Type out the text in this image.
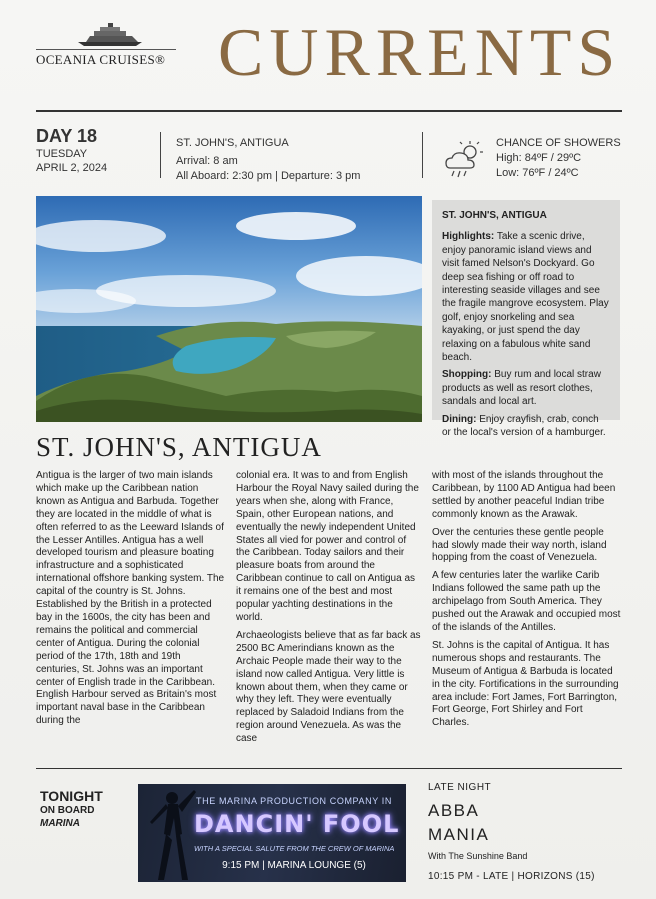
OCEANIA CRUISES® CURRENTS
DAY 18
TUESDAY
APRIL 2, 2024
ST. JOHN'S, ANTIGUA
Arrival: 8 am
All Aboard: 2:30 pm | Departure: 3 pm
CHANCE OF SHOWERS
High: 84ºF / 29ºC
Low: 76ºF / 24ºC
ST. JOHN'S, ANTIGUA

Highlights: Take a scenic drive, enjoy panoramic island views and visit famed Nelson's Dockyard. Go deep sea fishing or off road to interesting seaside villages and see the fragile mangrove ecosystem. Play golf, enjoy snorkeling and sea kayaking, or just spend the day relaxing on a fabulous white sand beach.

Shopping: Buy rum and local straw products as well as resort clothes, sandals and local art.

Dining: Enjoy crayfish, crab, conch or the local's version of a hamburger.

ST. JOHN'S, ANTIGUA

Antigua is the larger of two main islands which make up the Caribbean nation known as Antigua and Barbuda. Together they are located in the middle of what is often referred to as the Leeward Islands of the Lesser Antilles. Antigua has a well developed tourism and pleasure boating infrastructure and a sophisticated international offshore banking system. The capital of the country is St. Johns. Established by the British in a protected bay in the 1600s, the city has been and remains the political and commercial center of Antigua. During the colonial period of the 17th, 18th and 19th centuries, St. Johns was an important center of English trade in the Caribbean. English Harbour served as Britain's most important naval base in the Caribbean during the

colonial era. It was to and from English Harbour the Royal Navy sailed during the years when she, along with France, Spain, other European nations, and eventually the newly independent United States all vied for power and control of the Caribbean. Today sailors and their pleasure boats from around the Caribbean continue to call on Antigua as it remains one of the best and most popular yachting destinations in the world.

Archaeologists believe that as far back as 2500 BC Amerindians known as the Archaic People made their way to the island now called Antigua. Very little is known about them, when they came or why they left. They were eventually replaced by Saladoid Indians from the region around Venezuela. As was the case

with most of the islands throughout the Caribbean, by 1100 AD Antigua had been settled by another peaceful Indian tribe commonly known as the Arawak.

Over the centuries these gentle people had slowly made their way north, island hopping from the coast of Venezuela.

A few centuries later the warlike Carib Indians followed the same path up the archipelago from South America. They pushed out the Arawak and occupied most of the islands of the Antilles.

St. Johns is the capital of Antigua. It has numerous shops and restaurants. The Museum of Antigua & Barbuda is located in the city. Fortifications in the surrounding area include: Fort James, Fort Barrington, Fort George, Fort Shirley and Fort Charles.

TONIGHT
ON BOARD
MARINA
THE MARINA PRODUCTION COMPANY IN
DANCIN' FOOL
WITH A SPECIAL SALUTE FROM THE CREW OF MARINA
9:15 PM | MARINA LOUNGE (5)
LATE NIGHT
ABBA
MANIA
With The Sunshine Band
10:15 PM - LATE | HORIZONS (15)
